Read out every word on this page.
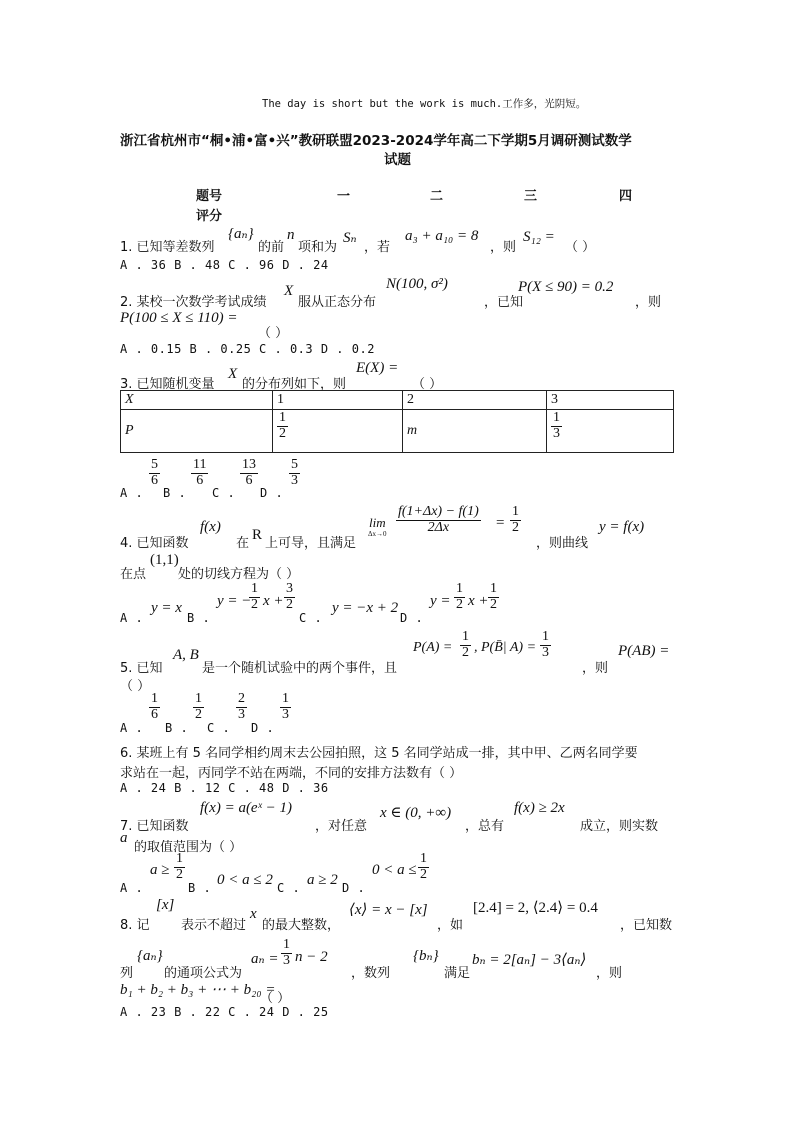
The day is short but the work is much.工作多，光阴短。
浙江省杭州市“桐•浦•富•兴”教研联盟2023-2024学年高二下学期5月调研测试数学
试题
题号	一	二	三	四
评分
1. 已知等差数列
{aₙ}
的前
n
项和为
Sₙ
，若
a₃ + a₁₀ = 8
，则
S₁₂ =
（ ）
A . 36 B . 48 C . 96 D . 24
2. 某校一次数学考试成绩
X
服从正态分布
N(100, σ²)
，已知
P(X ≤ 90) = 0.2
，则
P(100 ≤ X ≤ 110) =
（ ）
A . 0.15 B . 0.25 C . 0.3 D . 0.2
3. 已知随机变量
X
的分布列如下，则
E(X) =
（ ）
X	1	2	3
P	$\frac{1}{2}$	m	$\frac{1}{3}$
A .
$\frac{5}{6}$
B .
$\frac{11}{6}$
C .
$\frac{13}{6}$
D .
$\frac{5}{3}$
4. 已知函数
f(x)
在
R
上可导，且满足
lim
$\Delta x\to 0 \frac{f(1+\Delta x) - f(1)}{2\Delta x} = \frac{1}{2}$
，则曲线
y = f(x)
在点
(1,1)
处的切线方程为（ ）
A .
y = x
B .
y = −
$\frac{1}{2}$ $x + \frac{3}{2}$
C .
y = −x + 2
D .
$y = \frac{1}{2}$ $x + \frac{1}{2}$
5. 已知
A, B
是一个随机试验中的两个事件，且
$P(A) = \frac{1}{2}$ , P(B̄| $A) = \frac{1}{3}$
，则
P(AB) =
（ ）
A .
$\frac{1}{6}$
B .
$\frac{1}{2}$
C .
$\frac{2}{3}$
D .
$\frac{1}{3}$
6. 某班上有 5 名同学相约周末去公园拍照，这 5 名同学站成一排，其中甲、乙两名同学要
求站在一起，丙同学不站在两端，不同的安排方法数有（ ）
A . 24 B . 12 C . 48 D . 36
7. 已知函数
f(x) = a(eˣ − 1)
，对任意
x ∈ (0, +∞)
，总有
f(x) ≥ 2x
成立，则实数
a
的取值范围为（ ）
A .
$a \ge \frac{1}{2}$
B . 0 < a ≤ 2 C . a ≥ 2 D .
$0 < a \le \frac{1}{2}$
8. 记
[x]
表示不超过
x
的最大整数，
⟨x⟩ = x − [x]
，如
[2.4] = 2, ⟨2.4⟩ = 0.4
，已知数
列
{aₙ}
的通项公式为
$a_n = \frac{1}{3}$ n − 2
，数列
{bₙ}
满足
bₙ = 2[aₙ] − 3⟨aₙ⟩
，则
b₁ + b₂ + b₃ + ⋯ + b₂₀ =
（ ）
A . 23 B . 22 C . 24 D . 25
